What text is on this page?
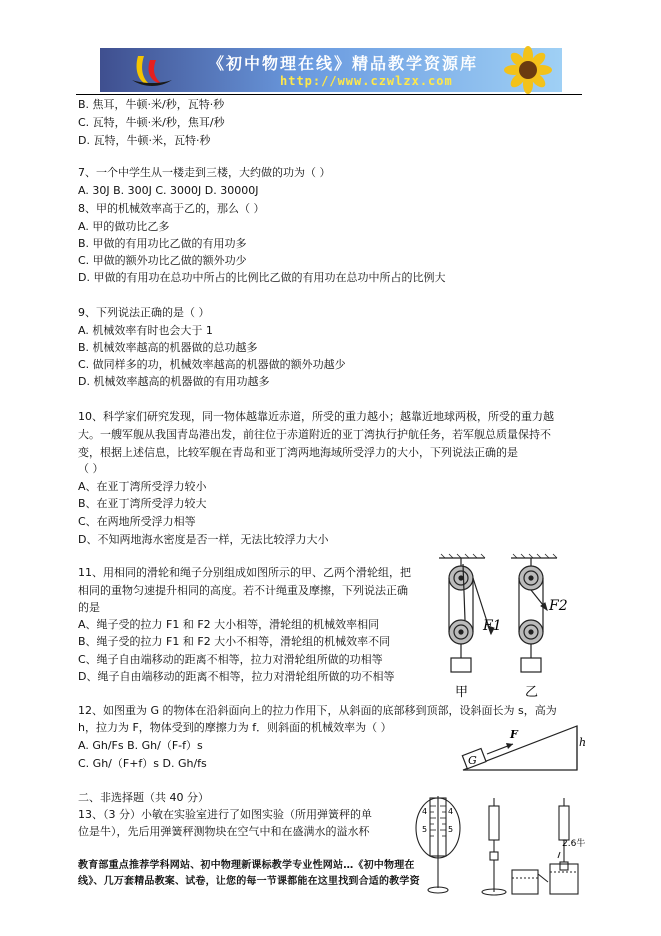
《初中物理在线》精品教学资源库
http://www.czwlzx.com
B. 焦耳，牛顿·米/秒，瓦特·秒
C. 瓦特，牛顿·米/秒，焦耳/秒
D. 瓦特，牛顿·米，瓦特·秒
7、一个中学生从一楼走到三楼，大约做的功为（ ）
A. 30J B. 300J C. 3000J D. 30000J
8、甲的机械效率高于乙的，那么（ ）
A. 甲的做功比乙多
B. 甲做的有用功比乙做的有用功多
C. 甲做的额外功比乙做的额外功少
D. 甲做的有用功在总功中所占的比例比乙做的有用功在总功中所占的比例大
9、下列说法正确的是（ ）
A. 机械效率有时也会大于 1
B. 机械效率越高的机器做的总功越多
C. 做同样多的功，机械效率越高的机器做的额外功越少
D. 机械效率越高的机器做的有用功越多
10、科学家们研究发现，同一物体越靠近赤道，所受的重力越小；越靠近地球两极，所受的重力越
大。一艘军舰从我国青岛港出发，前往位于赤道附近的亚丁湾执行护航任务，若军舰总质量保持不
变，根据上述信息，比较军舰在青岛和亚丁湾两地海域所受浮力的大小，下列说法正确的是
（ ）
A、在亚丁湾所受浮力较小
B、在亚丁湾所受浮力较大
C、在两地所受浮力相等
D、不知两地海水密度是否一样，无法比较浮力大小
11、用相同的滑轮和绳子分别组成如图所示的甲、乙两个滑轮组，把
相同的重物匀速提升相同的高度。若不计绳重及摩擦，下列说法正确
的是
A、绳子受的拉力 F1 和 F2 大小相等，滑轮组的机械效率相同
B、绳子受的拉力 F1 和 F2 大小不相等，滑轮组的机械效率不同
C、绳子自由端移动的距离不相等，拉力对滑轮组所做的功相等
D、绳子自由端移动的距离不相等，拉力对滑轮组所做的功不相等
12、如图重为 G 的物体在沿斜面向上的拉力作用下，从斜面的底部移到顶部，设斜面长为 s，高为
h，拉力为 F，物体受到的摩擦力为 f．则斜面的机械效率为（ ）
A. Gh/Fs B. Gh/（F-f）s
C. Gh/（F+f）s D. Gh/fs
二、非选择题（共 40 分）
13、（3 分）小敏在实验室进行了如图实验（所用弹簧秤的单
位是牛），先后用弹簧秤测物块在空气中和在盛满水的溢水杯
F1
F2
甲	乙
G
F
h
4
5
4
5
2.6牛
教育部重点推荐学科网站、初中物理新课标教学专业性网站…《初中物理在
线》、几万套精品教案、试卷，让您的每一节课都能在这里找到合适的教学资
